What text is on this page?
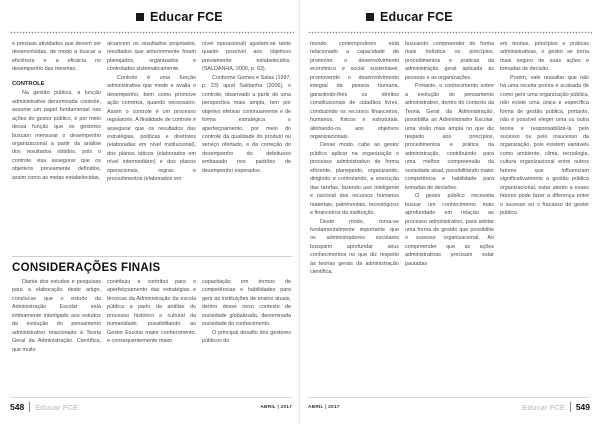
Educar FCE

e precisas atividades que devem ser desenvolvidas, de modo a buscar a eficiência e a eficácia no desempenho das mesmas.

CONTROLE

Na gestão pública, a função administrativa denominada controle, assume um papel fundamental nas ações do gestor público, é por meio dessa função que os gestores buscam mensurar o desempenho organizacional a partir da análise dos resultados obtidos, pois o controle visa assegurar que os objetivos previamente definidos, assim como as metas estabelecidas,

alcancem os resultados projetados, resultados que anteriormente foram planejados, organizados e controlados sistematicamente.

Controle é uma função administrativa que mede e avalia o desempenho, bem como promove ação corretiva, quando necessário. Assim o controle é um processo regulatório. A finalidade de controle é assegurar que os resultados das estratégias, políticas e diretrizes (elaboradas em nível institucional), dos planos táticos (elaborados em nível intermediário) e dos planos operacionais, regras e procedimentos (elaborados em

nível operacional) ajustem-se tanto quanto possível aos objetivos previamente estabelecidos. (SALDANHA, 2006, p. 63).

Conforme Gomes e Salas (1997, p. 23) apud Saldanha (2006), o controle, observado a partir de uma perspectiva mais ampla, tem por objetivo efetivar continuamente e de forma estratégica o aperfeiçoamento, por meio do controle da qualidade do produto ou serviço ofertado, e da correção do desempenho do defeituoso embasado nos padrões de desempenho esperados.

CONSIDERAÇÕES FINAIS

Diante dos estudos e pesquisas para a elaboração deste artigo, conclui-se que o estudo da Administração Escolar está intimamente interligado aos estudos da evolução do pensamento administrativo relacionado à Teoria Geral da Administração. Científica, que muito

contribuiu e contribui para o aperfeiçoamento das estratégias e técnicas da Administração da escola pública a partir da análise do processo histórico e cultural da humanidade, possibilitando ao Gestor Escolar maior conhecimento, e consequentemente maior

capacitação em termos de competências e habilidades para gerir as instituições de ensino atuais, dentro desse novo contexto de sociedade globalizada, denominada sociedade do conhecimento.

O principal desafio dos gestores públicos do

548 Educar FCE	ABRIL | 2017
Educar FCE

mundo contemporâneo está relacionado a capacidade de promover o desenvolvimento econômico e social sustentável, promovendo o desenvolvimento integral da pessoa humana, garantindo-lhes os direitos constitucionais de cidadãos livres, conduzindo os recursos financeiros, humanos, físicos e estruturais, alinhando-os aos objetivos organizacionais.

Desse modo, cabe ao gestor público aplicar na organização o processo administrativo de forma eficiente, planejando, organizando, dirigindo e controlando, a execução das tarefas, fazendo uso inteligente e racional dos recursos humanos materiais, patrimoniais, tecnológicos e financeiros da instituição.

Deste modo, torna-se fundamentalmente importante que os administradores escolares busquem aprofundar seus conhecimentos no que diz respeito às teorias gerais da administração científica,

buscando compreender de forma mais holística os princípios, procedimentos e práticas da administração geral aplicada às pessoas e as organizações.

Portanto, o conhecimento sobre a evolução do pensamento administrativo, dentro do contexto da Teoria Geral da Administração, possibilita ao Administrador Escolar, uma visão mais ampla no que diz respeito aos princípios, procedimentos e prática da administração, contribuindo para uma melhor compreensão da sociedade atual, possibilitando maior competência e habilidade para tomadas de decisões.

O gestor público necessita buscar um conhecimento mais aprofundado em relação ao processo administrativo, para adotar uma forma de gestão que possibilite o sucesso organizacional. Ao compreender que as ações administrativas precisam estar pautadas

em teorias, princípios e práticas administrativas, o gestor se torna mais seguro de suas ações e tomadas de decisão.

Porém, vale ressaltar que não há uma receita pronta e acabada de como gerir uma organização pública, não existe uma única e específica forma de gestão pública, portanto, não é possível eleger uma ou outra teoria e responsabilizá-la pelo sucesso ou pelo insucesso da organização, pois existem variáveis como ambiente, clima, tecnologia, cultura organizacional entre outros fatores que influenciam significativamente a gestão pública organizacional, estar atento a esses fatores pode fazer a diferença entre o sucesso ou o fracasso do gestor público.

ABRIL | 2017	Educar FCE 549
